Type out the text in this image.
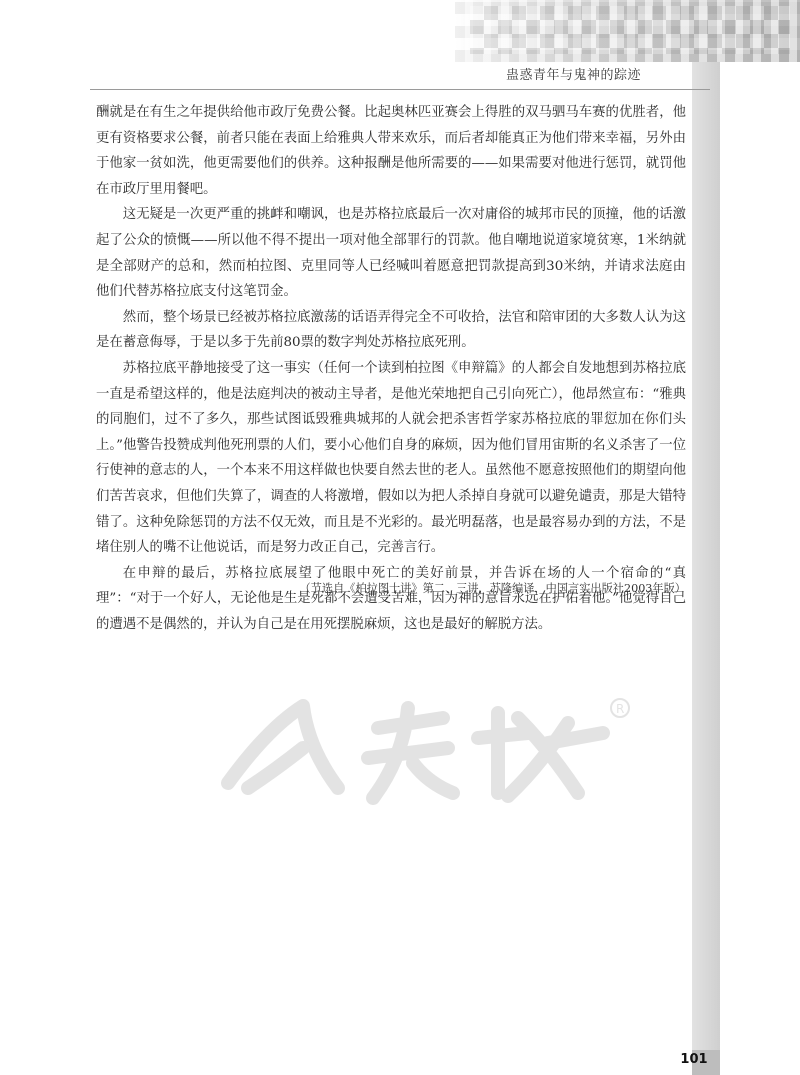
蛊惑青年与鬼神的踪迹

酬就是在有生之年提供给他市政厅免费公餐。比起奥林匹亚赛会上得胜的双马驷马车赛的优胜者，他更有资格要求公餐，前者只能在表面上给雅典人带来欢乐，而后者却能真正为他们带来幸福，另外由于他家一贫如洗，他更需要他们的供养。这种报酬是他所需要的——如果需要对他进行惩罚，就罚他在市政厅里用餐吧。

这无疑是一次更严重的挑衅和嘲讽，也是苏格拉底最后一次对庸俗的城邦市民的顶撞，他的话激起了公众的愤慨——所以他不得不提出一项对他全部罪行的罚款。他自嘲地说道家境贫寒，1米纳就是全部财产的总和，然而柏拉图、克里同等人已经喊叫着愿意把罚款提高到30米纳，并请求法庭由他们代替苏格拉底支付这笔罚金。

然而，整个场景已经被苏格拉底激荡的话语弄得完全不可收拾，法官和陪审团的大多数人认为这是在蓄意侮辱，于是以多于先前80票的数字判处苏格拉底死刑。

苏格拉底平静地接受了这一事实（任何一个读到柏拉图《申辩篇》的人都会自发地想到苏格拉底一直是希望这样的，他是法庭判决的被动主导者，是他光荣地把自己引向死亡），他昂然宣布：“雅典的同胞们，过不了多久，那些试图诋毁雅典城邦的人就会把杀害哲学家苏格拉底的罪愆加在你们头上。”他警告投赞成判他死刑票的人们，要小心他们自身的麻烦，因为他们冒用宙斯的名义杀害了一位行使神的意志的人，一个本来不用这样做也快要自然去世的老人。虽然他不愿意按照他们的期望向他们苦苦哀求，但他们失算了，调查的人将激增，假如以为把人杀掉自身就可以避免谴责，那是大错特错了。这种免除惩罚的方法不仅无效，而且是不光彩的。最光明磊落，也是最容易办到的方法，不是堵住别人的嘴不让他说话，而是努力改正自己，完善言行。

在申辩的最后，苏格拉底展望了他眼中死亡的美好前景，并告诉在场的人一个宿命的“真理”：“对于一个好人，无论他是生是死都不会遭受苦难，因为神的意旨永远在护佑着他。”他觉得自己的遭遇不是偶然的，并认为自己是在用死摆脱麻烦，这也是最好的解脱方法。

（节选自《柏拉图十讲》第二、三讲，苏隆编译，中国言实出版社2003年版）
R
101
